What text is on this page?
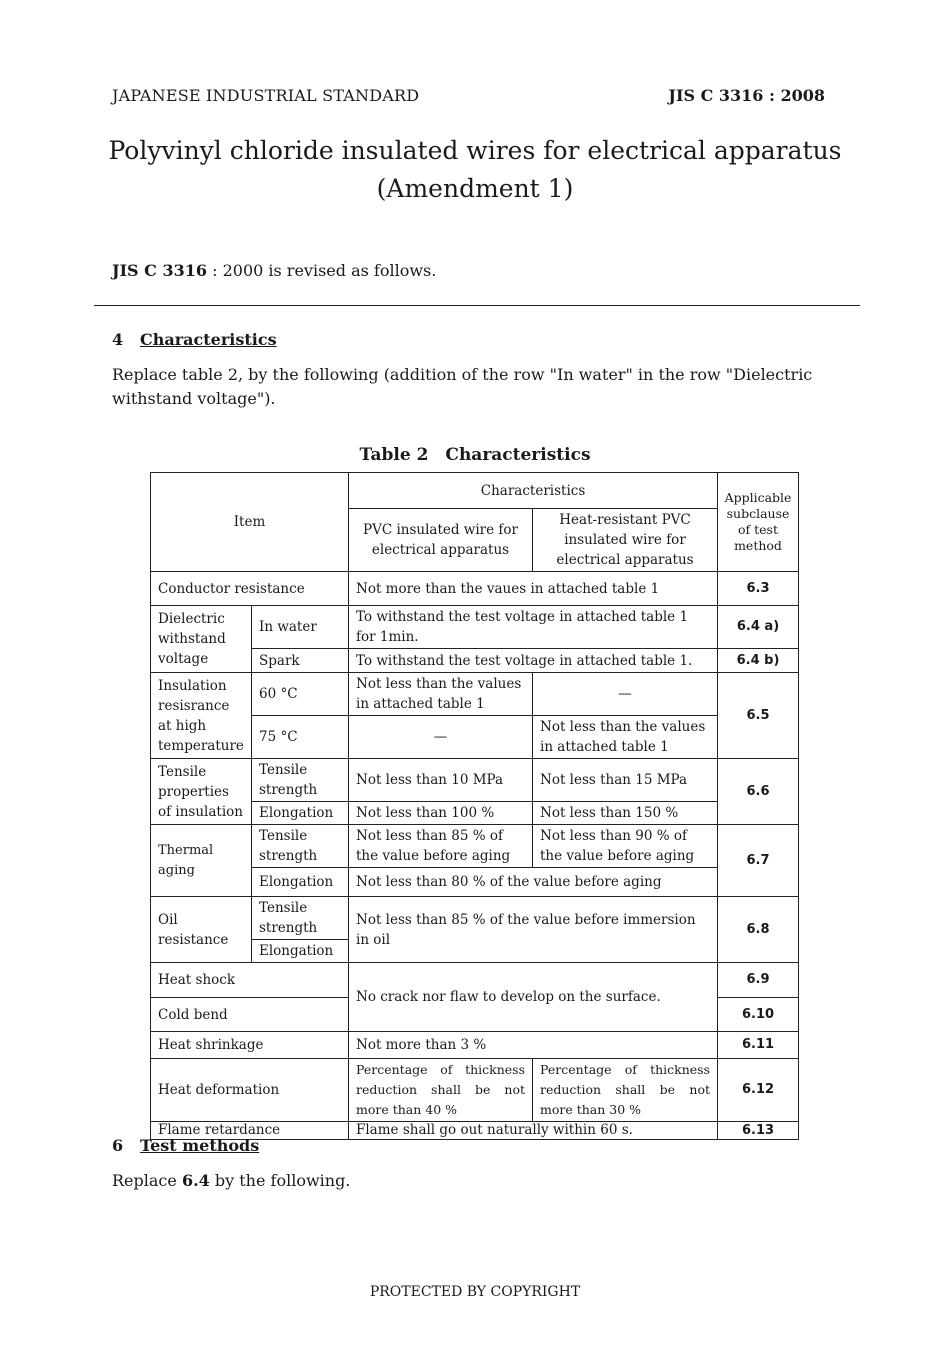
JAPANESE INDUSTRIAL STANDARD	JIS C 3316 : 2008
Polyvinyl chloride insulated wires for electrical apparatus
(Amendment 1)
JIS C 3316 : 2000 is revised as follows.
4 Characteristics
Replace table 2, by the following (addition of the row "In water" in the row "Dielectric withstand voltage").
Table 2 Characteristics
Item		Characteristics		Applicable subclause of test method
		PVC insulated wire for electrical apparatus	Heat-resistant PVC insulated wire for electrical apparatus	
Conductor resistance		Not more than the vaues in attached table 1		6.3
Dielectric withstand voltage	In water	To withstand the test voltage in attached table 1 for 1min.		6.4 a)
	Spark	To withstand the test voltage in attached table 1.		6.4 b)
Insulation resisrance at high temperature	60 °C	Not less than the values in attached table 1	—	6.5
	75 °C	—	Not less than the values in attached table 1	
Tensile properties of insulation	Tensile strength	Not less than 10 MPa	Not less than 15 MPa	6.6
	Elongation	Not less than 100 %	Not less than 150 %	
Thermal aging	Tensile strength	Not less than 85 % of the value before aging	Not less than 90 % of the value before aging	6.7
	Elongation	Not less than 80 % of the value before aging		
Oil resistance	Tensile strength	Not less than 85 % of the value before immersion in oil		6.8
	Elongation			
Heat shock		No crack nor flaw to develop on the surface.		6.9
Cold bend				6.10
Heat shrinkage		Not more than 3 %		6.11
Heat deformation		Percentage of thickness reduction shall be not more than 40 %	Percentage of thickness reduction shall be not more than 30 %	6.12
Flame retardance		Flame shall go out naturally within 60 s.		6.13
6 Test methods
Replace 6.4 by the following.
PROTECTED BY COPYRIGHT
